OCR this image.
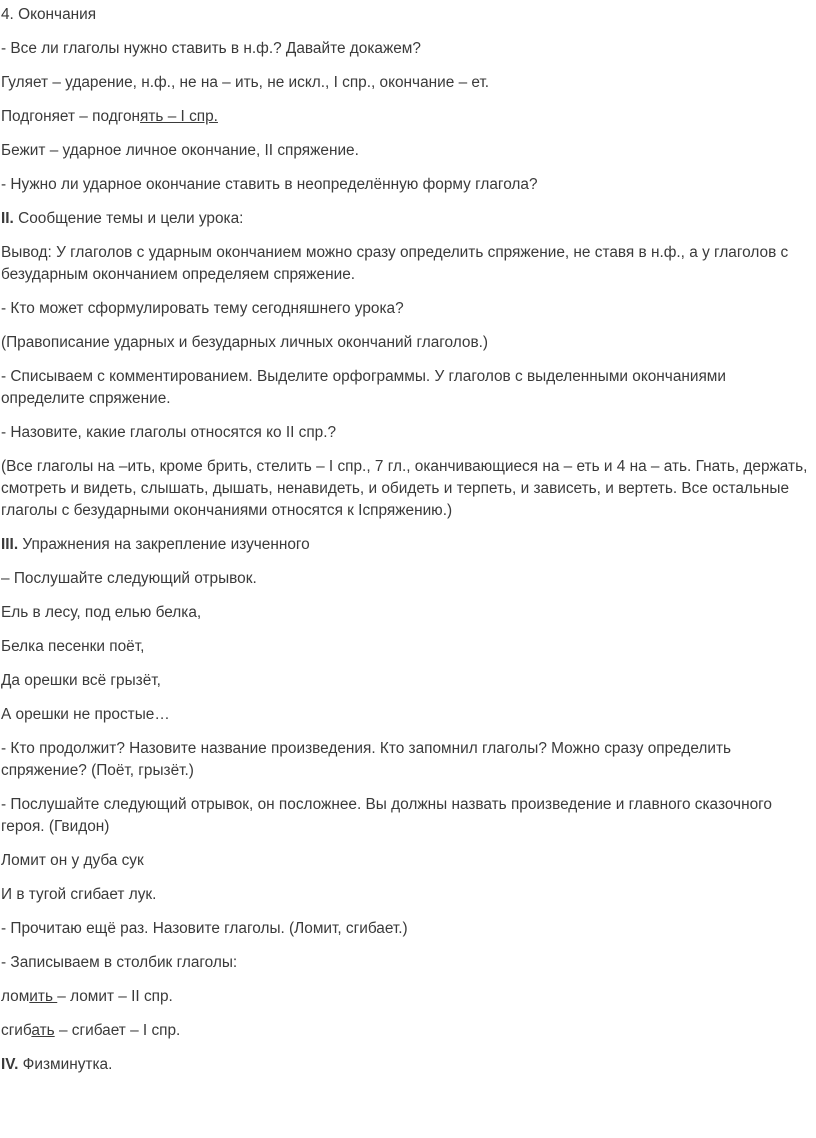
4. Окончания

- Все ли глаголы нужно ставить в н.ф.? Давайте докажем?

Гуляет – ударение, н.ф., не на – ить, не искл., I спр., окончание – ет.

Подгоняет – подгонять – I спр.

Бежит – ударное личное окончание, II спряжение.

- Нужно ли ударное окончание ставить в неопределённую форму глагола?

II. Сообщение темы и цели урока:

Вывод: У глаголов с ударным окончанием можно сразу определить спряжение, не ставя в н.ф., а у глаголов с безударным окончанием определяем спряжение.

- Кто может сформулировать тему сегодняшнего урока?

(Правописание ударных и безударных личных окончаний глаголов.)

- Списываем с комментированием. Выделите орфограммы. У глаголов с выделенными окончаниями определите спряжение.

- Назовите, какие глаголы относятся ко II спр.?

(Все глаголы на –ить, кроме брить, стелить – I спр., 7 гл., оканчивающиеся на – еть и 4 на – ать. Гнать, держать, смотреть и видеть, слышать, дышать, ненавидеть, и обидеть и терпеть, и зависеть, и вертеть. Все остальные глаголы с безударными окончаниями относятся к Iспряжению.)

III. Упражнения на закрепление изученного

– Послушайте следующий отрывок.

Ель в лесу, под елью белка,

Белка песенки поёт,

Да орешки всё грызёт,

А орешки не простые…

- Кто продолжит? Назовите название произведения. Кто запомнил глаголы? Можно сразу определить спряжение? (Поёт, грызёт.)

- Послушайте следующий отрывок, он посложнее. Вы должны назвать произведение и главного сказочного героя. (Гвидон)

Ломит он у дуба сук

И в тугой сгибает лук.

- Прочитаю ещё раз. Назовите глаголы. (Ломит, сгибает.)

- Записываем в столбик глаголы:

ломить – ломит – II спр.

сгибать – сгибает – I спр.

IV. Физминутка.
